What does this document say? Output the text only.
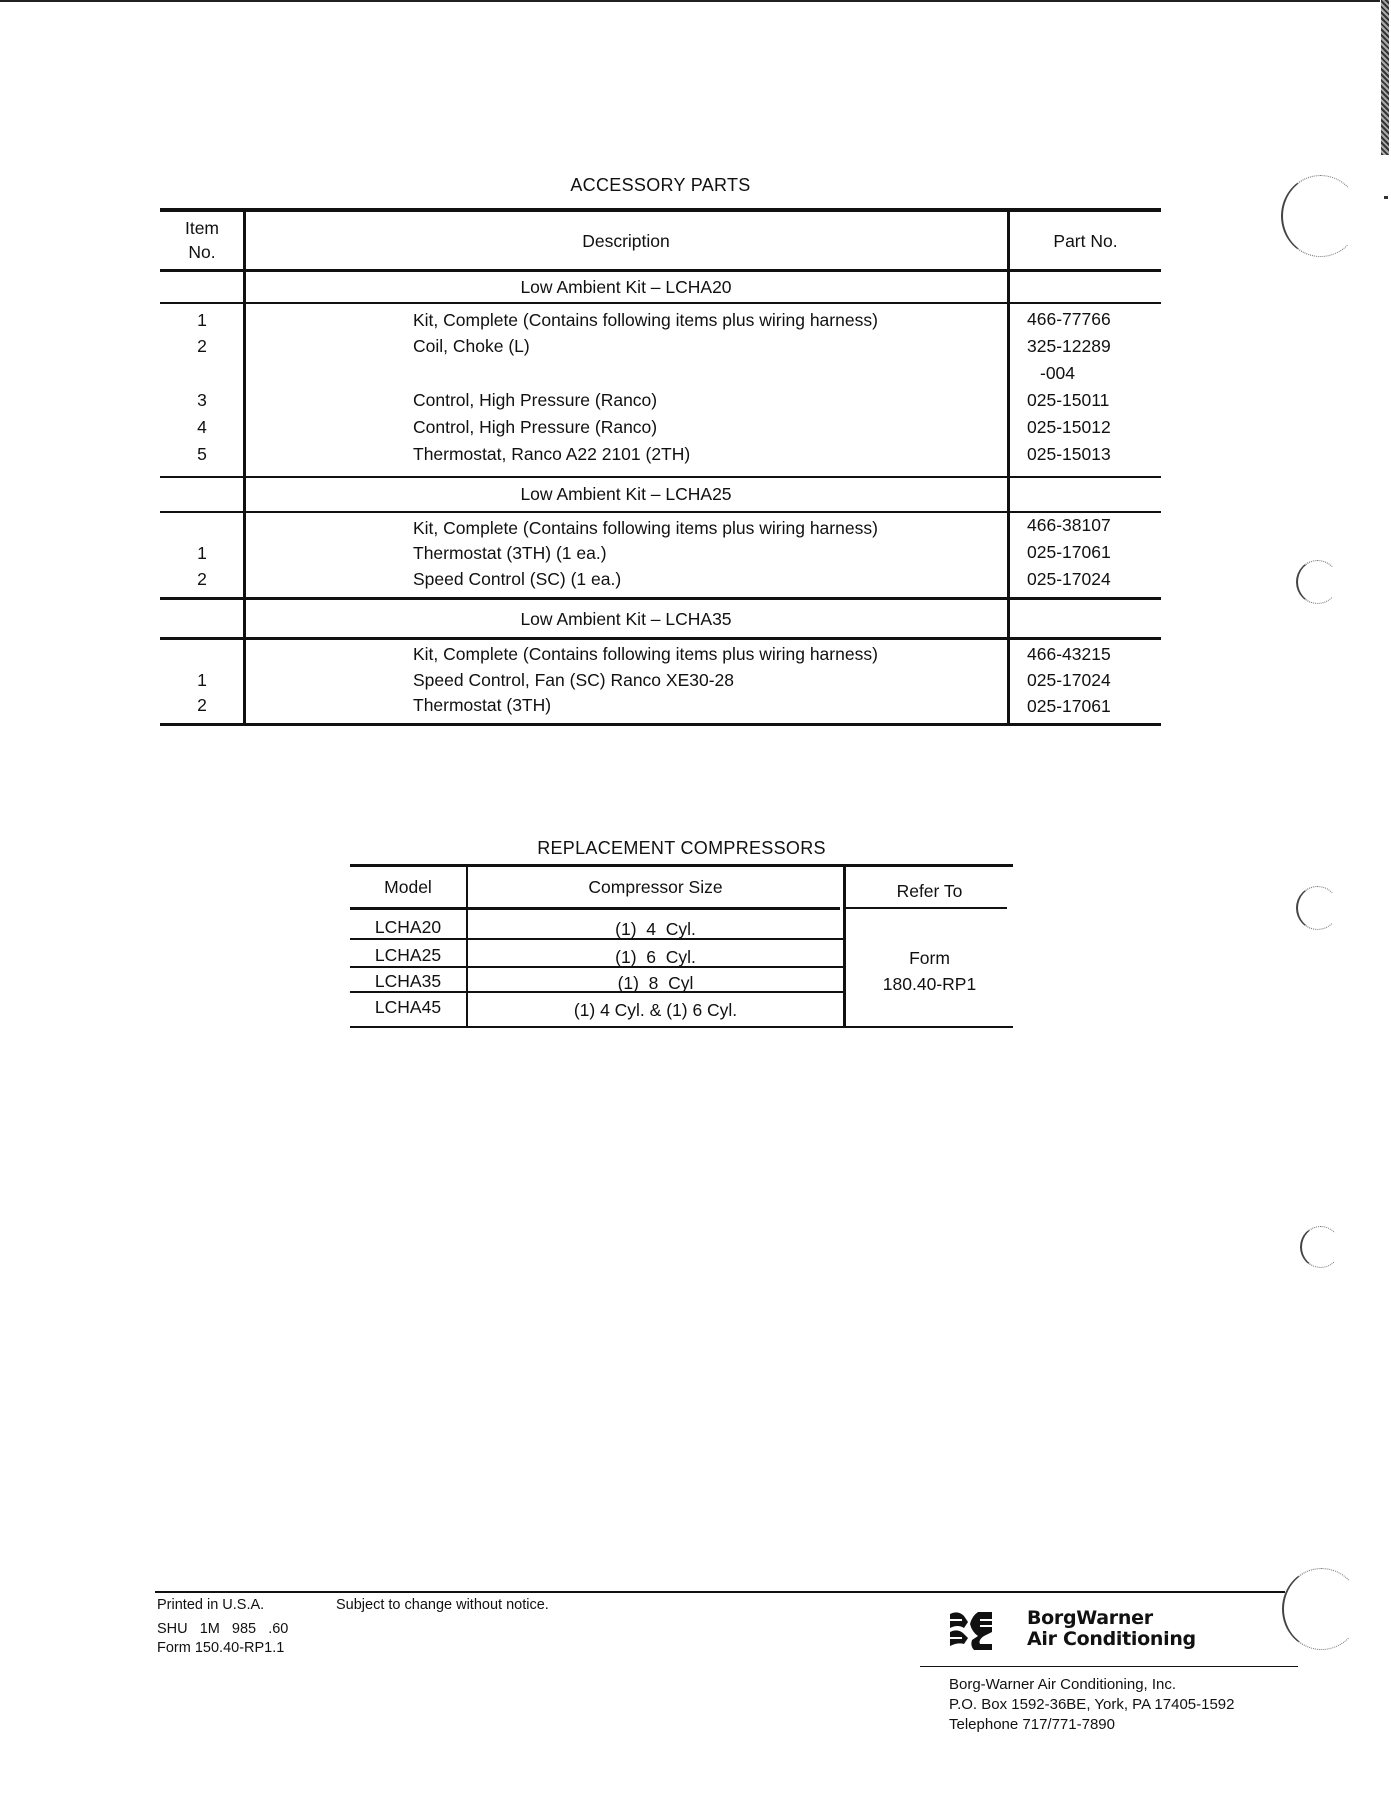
ACCESSORY PARTS
Item
No.
Description	Part No.
Low Ambient Kit – LCHA20
1	Kit, Complete (Contains following items plus wiring harness)	466-77766
2	Coil, Choke (L)	325-12289
-004
3	Control, High Pressure (Ranco)	025-15011
4	Control, High Pressure (Ranco)	025-15012
5	Thermostat, Ranco A22 2101 (2TH)	025-15013
Low Ambient Kit – LCHA25
Kit, Complete (Contains following items plus wiring harness)	466-38107
1	Thermostat (3TH) (1 ea.)	025-17061
2	Speed Control (SC) (1 ea.)	025-17024
Low Ambient Kit – LCHA35
Kit, Complete (Contains following items plus wiring harness)	466-43215
1	Speed Control, Fan (SC) Ranco XE30-28	025-17024
2	Thermostat (3TH)	025-17061
REPLACEMENT COMPRESSORS
Model	Compressor Size	Refer To
LCHA20	(1)  4  Cyl.
LCHA25	(1)  6  Cyl.
LCHA35	(1)  8  Cyl
LCHA45	(1) 4 Cyl. & (1) 6 Cyl.
Form
180.40-RP1
Printed in U.S.A.	Subject to change without notice.
SHU   1M   985   .60
Form 150.40-RP1.1
BorgWarner
Air Conditioning
Borg-Warner Air Conditioning, Inc.
P.O. Box 1592-36BE, York, PA 17405-1592
Telephone 717/771-7890
